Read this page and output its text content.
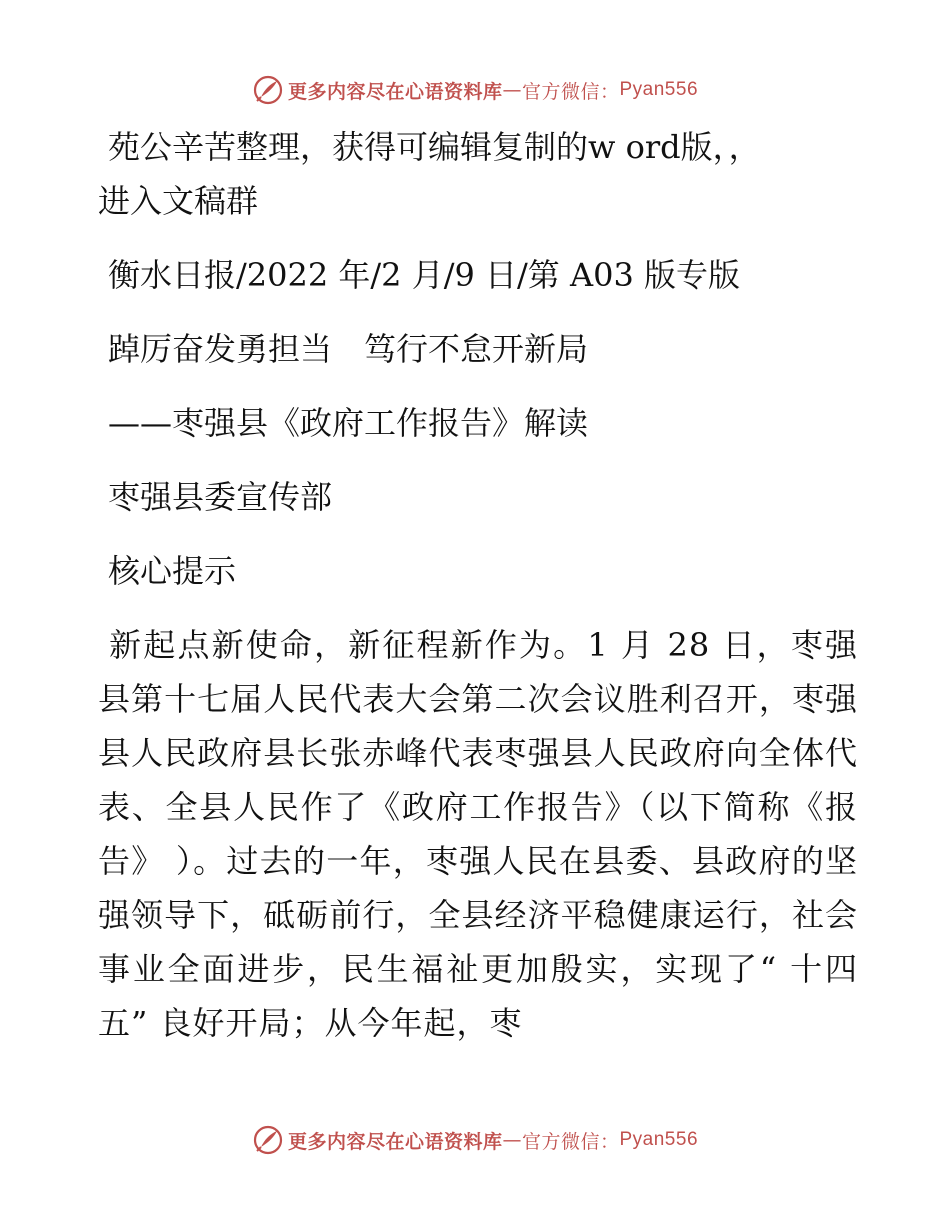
更多内容尽在心语资料库 — 官方微信： Pyan556

苑公辛苦整理，获得可编辑复制的w ord版，，

进入文稿群

衡水日报/2022 年/2 月/9 日/第 A03 版专版

踔厉奋发勇担当　笃行不怠开新局

——枣强县《政府工作报告》解读

枣强县委宣传部

核心提示

新起点新使命，新征程新作为。1 月 28 日，枣强县第十七届人民代表大会第二次会议胜利召开，枣强县人民政府县长张赤峰代表枣强县人民政府向全体代表、全县人民作了《政府工作报告》（以下简称《报告》 ）。过去的一年，枣强人民在县委、县政府的坚强领导下，砥砺前行，全县经济平稳健康运行，社会事业全面进步，民生福祉更加殷实，实现了“ 十四五” 良好开局；从今年起，枣

更多内容尽在心语资料库 — 官方微信： Pyan556
